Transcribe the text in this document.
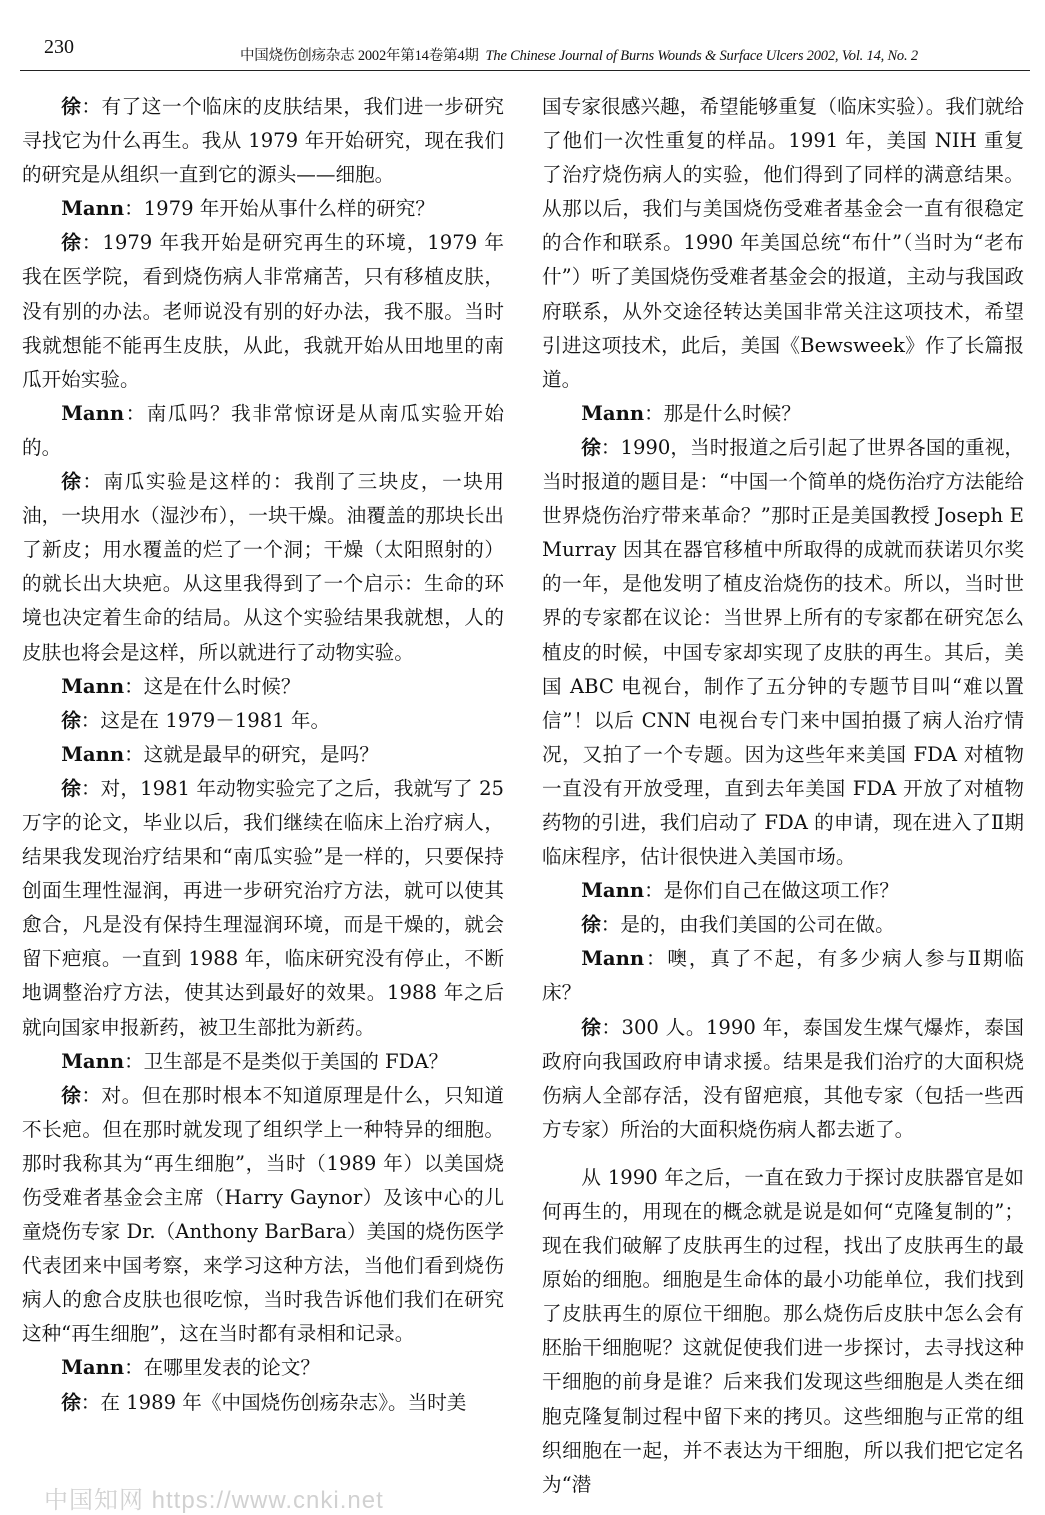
230	中国烧伤创疡杂志 2002年第14卷第4期 The Chinese Journal of Burns Wounds & Surface Ulcers 2002, Vol. 14, No. 2

徐：有了这一个临床的皮肤结果，我们进一步研究寻找它为什么再生。我从 1979 年开始研究，现在我们的研究是从组织一直到它的源头——细胞。

Mann：1979 年开始从事什么样的研究？

徐：1979 年我开始是研究再生的环境，1979 年我在医学院，看到烧伤病人非常痛苦，只有移植皮肤，没有别的办法。老师说没有别的好办法，我不服。当时我就想能不能再生皮肤，从此，我就开始从田地里的南瓜开始实验。

Mann：南瓜吗？我非常惊讶是从南瓜实验开始的。

徐：南瓜实验是这样的：我削了三块皮，一块用油，一块用水（湿沙布），一块干燥。油覆盖的那块长出了新皮；用水覆盖的烂了一个洞；干燥（太阳照射的）的就长出大块疤。从这里我得到了一个启示：生命的环境也决定着生命的结局。从这个实验结果我就想，人的皮肤也将会是这样，所以就进行了动物实验。

Mann：这是在什么时候？

徐：这是在 1979－1981 年。

Mann：这就是最早的研究，是吗？

徐：对，1981 年动物实验完了之后，我就写了 25 万字的论文，毕业以后，我们继续在临床上治疗病人，结果我发现治疗结果和“南瓜实验”是一样的，只要保持创面生理性湿润，再进一步研究治疗方法，就可以使其愈合，凡是没有保持生理湿润环境，而是干燥的，就会留下疤痕。一直到 1988 年，临床研究没有停止，不断地调整治疗方法，使其达到最好的效果。1988 年之后就向国家申报新药，被卫生部批为新药。

Mann：卫生部是不是类似于美国的 FDA？

徐：对。但在那时根本不知道原理是什么，只知道不长疤。但在那时就发现了组织学上一种特异的细胞。那时我称其为“再生细胞”，当时（1989 年）以美国烧伤受难者基金会主席（Harry Gaynor）及该中心的儿童烧伤专家 Dr.（Anthony BarBara）美国的烧伤医学代表团来中国考察，来学习这种方法，当他们看到烧伤病人的愈合皮肤也很吃惊，当时我告诉他们我们在研究这种“再生细胞”，这在当时都有录相和记录。

Mann：在哪里发表的论文？

徐：在 1989 年《中国烧伤创疡杂志》。当时美

国专家很感兴趣，希望能够重复（临床实验）。我们就给了他们一次性重复的样品。1991 年，美国 NIH 重复了治疗烧伤病人的实验，他们得到了同样的满意结果。从那以后，我们与美国烧伤受难者基金会一直有很稳定的合作和联系。1990 年美国总统“布什”（当时为“老布什”）听了美国烧伤受难者基金会的报道，主动与我国政府联系，从外交途径转达美国非常关注这项技术，希望引进这项技术，此后，美国《Bewsweek》作了长篇报道。

Mann：那是什么时候？

徐：1990，当时报道之后引起了世界各国的重视，当时报道的题目是：“中国一个简单的烧伤治疗方法能给世界烧伤治疗带来革命？”那时正是美国教授 Joseph E Murray 因其在器官移植中所取得的成就而获诺贝尔奖的一年，是他发明了植皮治烧伤的技术。所以，当时世界的专家都在议论：当世界上所有的专家都在研究怎么植皮的时候，中国专家却实现了皮肤的再生。其后，美国 ABC 电视台，制作了五分钟的专题节目叫“难以置信”！以后 CNN 电视台专门来中国拍摄了病人治疗情况，又拍了一个专题。因为这些年来美国 FDA 对植物一直没有开放受理，直到去年美国 FDA 开放了对植物药物的引进，我们启动了 FDA 的申请，现在进入了Ⅱ期临床程序，估计很快进入美国市场。

Mann：是你们自己在做这项工作？

徐：是的，由我们美国的公司在做。

Mann：噢，真了不起，有多少病人参与Ⅱ期临床？

徐：300 人。1990 年，泰国发生煤气爆炸，泰国政府向我国政府申请求援。结果是我们治疗的大面积烧伤病人全部存活，没有留疤痕，其他专家（包括一些西方专家）所治的大面积烧伤病人都去逝了。

从 1990 年之后，一直在致力于探讨皮肤器官是如何再生的，用现在的概念就是说是如何“克隆复制的”；现在我们破解了皮肤再生的过程，找出了皮肤再生的最原始的细胞。细胞是生命体的最小功能单位，我们找到了皮肤再生的原位干细胞。那么烧伤后皮肤中怎么会有胚胎干细胞呢？这就促使我们进一步探讨，去寻找这种干细胞的前身是谁？后来我们发现这些细胞是人类在细胞克隆复制过程中留下来的拷贝。这些细胞与正常的组织细胞在一起，并不表达为干细胞，所以我们把它定名为“潜

中国知网 https://www.cnki.net
